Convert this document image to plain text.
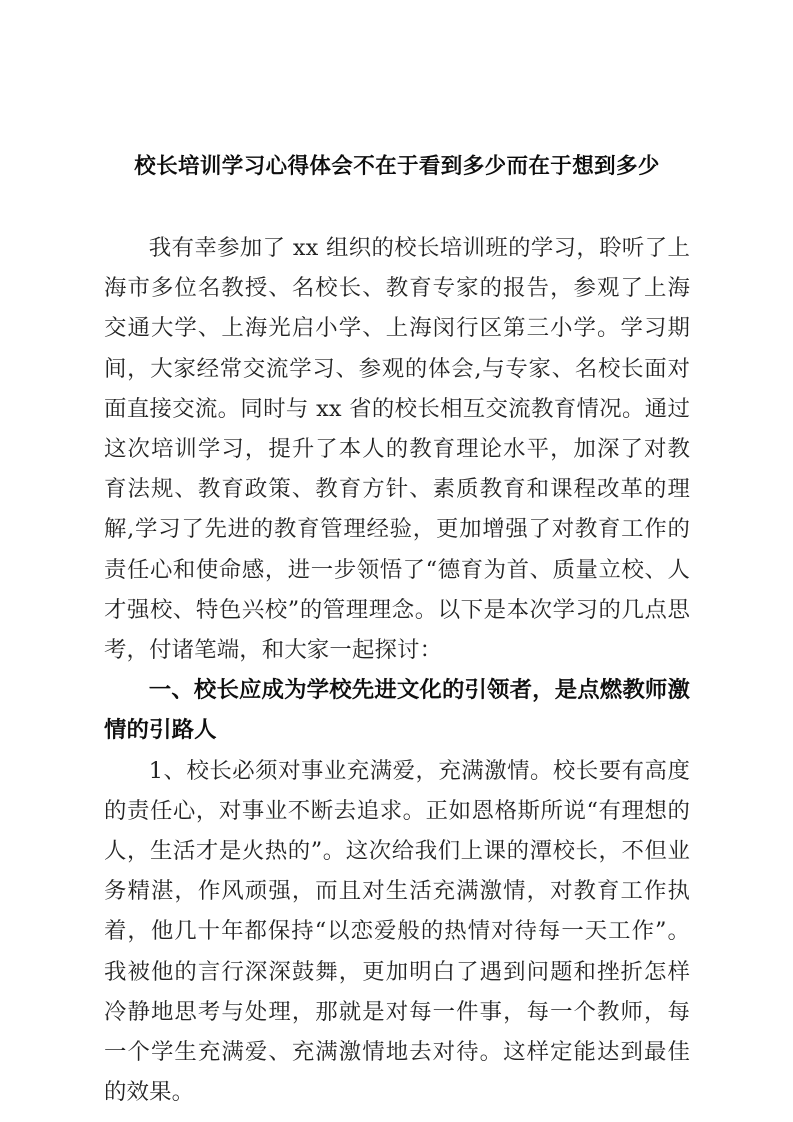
校长培训学习心得体会不在于看到多少而在于想到多少

我有幸参加了 xx 组织的校长培训班的学习，聆听了上海市多位名教授、名校长、教育专家的报告，参观了上海交通大学、上海光启小学、上海闵行区第三小学。学习期间，大家经常交流学习、参观的体会,与专家、名校长面对面直接交流。同时与 xx 省的校长相互交流教育情况。通过这次培训学习，提升了本人的教育理论水平，加深了对教育法规、教育政策、教育方针、素质教育和课程改革的理解,学习了先进的教育管理经验，更加增强了对教育工作的责任心和使命感，进一步领悟了“德育为首、质量立校、人才强校、特色兴校”的管理理念。以下是本次学习的几点思考，付诸笔端，和大家一起探讨：

一、校长应成为学校先进文化的引领者，是点燃教师激情的引路人

1、校长必须对事业充满爱，充满激情。校长要有高度的责任心，对事业不断去追求。正如恩格斯所说“有理想的人，生活才是火热的”。这次给我们上课的潭校长，不但业务精湛，作风顽强，而且对生活充满激情，对教育工作执着，他几十年都保持“以恋爱般的热情对待每一天工作”。我被他的言行深深鼓舞，更加明白了遇到问题和挫折怎样冷静地思考与处理，那就是对每一件事，每一个教师，每一个学生充满爱、充满激情地去对待。这样定能达到最佳的效果。
